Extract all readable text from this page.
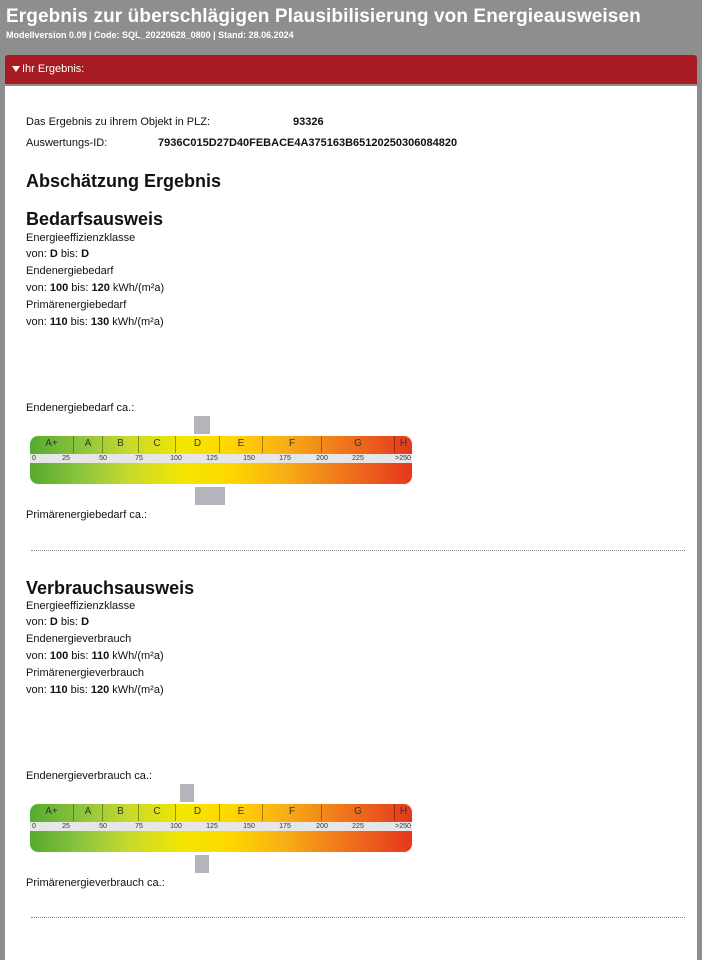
Ergebnis zur überschlägigen Plausibilisierung von Energieausweisen
Modellversion 0.09 | Code: SQL_20220628_0800 | Stand: 28.06.2024
Ihr Ergebnis:
Das Ergebnis zu ihrem Objekt in PLZ:	93326
Auswertungs-ID:	7936C015D27D40FEBACE4A375163B65120250306084820
Abschätzung Ergebnis
Bedarfsausweis
Energieeffizienzklasse
von: D bis: D
Endenergiebedarf
von: 100 bis: 120 kWh/(m²a)
Primärenergiebedarf
von: 110 bis: 130 kWh/(m²a)
Endenergiebedarf ca.:
A+	A	B	C	D	E	F	G	H
0	25	50	75	100	125	150	175	200	225	>250
Primärenergiebedarf ca.:
Verbrauchsausweis
Energieeffizienzklasse
von: D bis: D
Endenergieverbrauch
von: 100 bis: 110 kWh/(m²a)
Primärenergieverbrauch
von: 110 bis: 120 kWh/(m²a)
Endenergieverbrauch ca.:
A+	A	B	C	D	E	F	G	H
0	25	50	75	100	125	150	175	200	225	>250
Primärenergieverbrauch ca.:
